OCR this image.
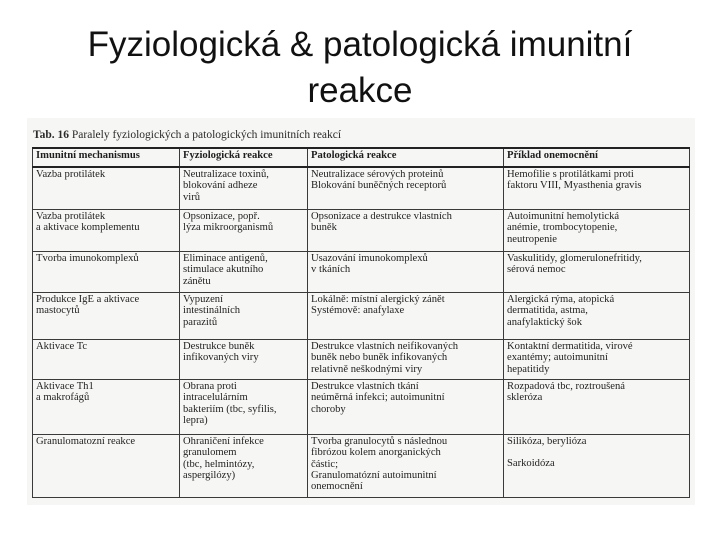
Fyziologická & patologická imunitní reakce
Tab. 16 Paralely fyziologických a patologických imunitních reakcí
Imunitní mechanismus	Fyziologická reakce	Patologická reakce	Příklad onemocnění

Vazba protilátek	Neutralizace toxinů,
blokování adheze
virů	Neutralizace sérových proteinů
Blokování buněčných receptorů	Hemofilie s protilátkami proti
faktoru VIII, Myasthenia gravis

Vazba protilátek
a aktivace komplementu	Opsonizace, popř.
lýza mikroorganismů	Opsonizace a destrukce vlastních
buněk	Autoimunitní hemolytická
anémie, trombocytopenie,
neutropenie

Tvorba imunokomplexů	Eliminace antigenů,
stimulace akutního
zánětu	Usazování imunokomplexů
v tkáních	Vaskulitidy, glomerulonefritidy,
sérová nemoc

Produkce IgE a aktivace
mastocytů	Vypuzení
intestinálních
parazitů	Lokálně: místní alergický zánět
Systémově: anafylaxe	Alergická rýma, atopická
dermatitida, astma,
anafylaktický šok

Aktivace Tc	Destrukce buněk
infikovaných viry	Destrukce vlastních neifikovaných
buněk nebo buněk infikovaných
relativně neškodnými viry	Kontaktní dermatitida, virové
exantémy; autoimunitní
hepatitidy

Aktivace Th1
a makrofágů	Obrana proti
intracelulárním
bakteriím (tbc, syfilis,
lepra)	Destrukce vlastních tkání
neúměrná infekci; autoimunitní
choroby	Rozpadová tbc, roztroušená
skleróza

Granulomatozní reakce	Ohraničení infekce
granulomem
(tbc, helmintózy,
aspergilózy)	Tvorba granulocytů s následnou
fibrózou kolem anorganických
částic;
Granulomatózní autoimunitní
onemocnění	Silikóza, berylióza
Sarkoidóza
